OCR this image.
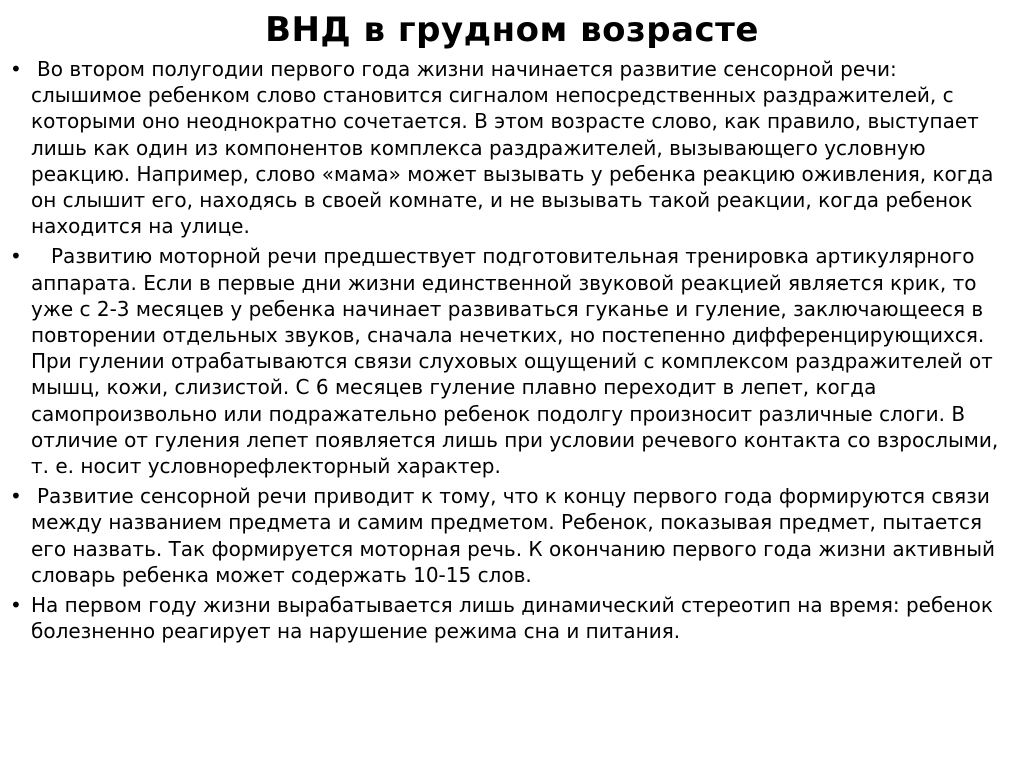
ВНД в грудном возрасте
• Во втором полугодии первого года жизни начинается развитие сенсорной речи: слышимое ребенком слово становится сигналом непосредственных раздражителей, с которыми оно неоднократно сочетается. В этом возрасте слово, как правило, выступает лишь как один из компонентов комплекса раздражителей, вызывающего условную реакцию. Например, слово «мама» может вызывать у ребенка реакцию оживления, когда он слышит его, находясь в своей комнате, и не вызывать такой реакции, когда ребенок находится на улице.
•	Развитию моторной речи предшествует подготовительная тренировка артикулярного аппарата. Если в первые дни жизни единственной звуковой реакцией является крик, то уже с 2-3 месяцев у ребенка начинает развиваться гуканье и гуление, заключающееся в повторении отдельных звуков, сначала нечетких, но постепенно дифференцирующихся. При гулении отрабатываются связи слуховых ощущений с комплексом раздражителей от мышц, кожи, слизистой. С 6 месяцев гуление плавно переходит в лепет, когда самопроизвольно или подражательно ребенок подолгу произносит различные слоги. В отличие от гуления лепет появляется лишь при условии речевого контакта со взрослыми, т. е. носит условнорефлекторный характер.
• Развитие сенсорной речи приводит к тому, что к концу первого года формируются связи между названием предмета и самим предметом. Ребенок, показывая предмет, пытается его назвать. Так формируется моторная речь. К окончанию первого года жизни активный словарь ребенка может содержать 10-15 слов.
• На первом году жизни вырабатывается лишь динамический стереотип на время: ребенок болезненно реагирует на нарушение режима сна и питания.
